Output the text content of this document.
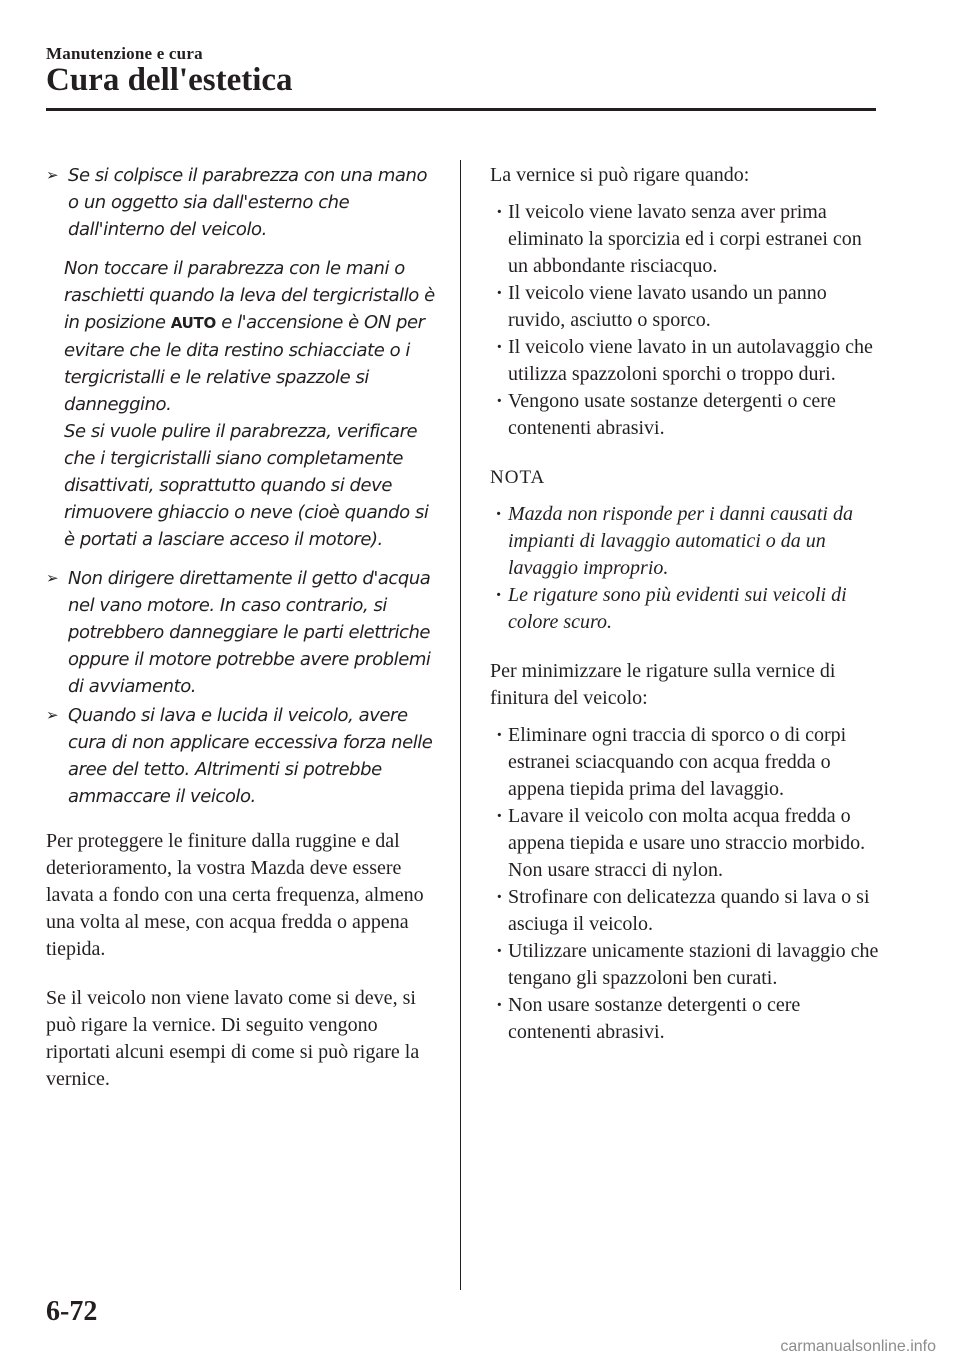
Manutenzione e cura
Cura dell'estetica
➢ Se si colpisce il parabrezza con una mano o un oggetto sia dall'esterno che dall'interno del veicolo.

Non toccare il parabrezza con le mani o raschietti quando la leva del tergicristallo è in posizione AUTO e l'accensione è ON per evitare che le dita restino schiacciate o i tergicristalli e le relative spazzole si danneggino.

Se si vuole pulire il parabrezza, verificare che i tergicristalli siano completamente disattivati, soprattutto quando si deve rimuovere ghiaccio o neve (cioè quando si è portati a lasciare acceso il motore).

➢ Non dirigere direttamente il getto d'acqua nel vano motore. In caso contrario, si potrebbero danneggiare le parti elettriche oppure il motore potrebbe avere problemi di avviamento.
➢ Quando si lava e lucida il veicolo, avere cura di non applicare eccessiva forza nelle aree del tetto. Altrimenti si potrebbe ammaccare il veicolo.

Per proteggere le finiture dalla ruggine e dal deterioramento, la vostra Mazda deve essere lavata a fondo con una certa frequenza, almeno una volta al mese, con acqua fredda o appena tiepida.

Se il veicolo non viene lavato come si deve, si può rigare la vernice. Di seguito vengono riportati alcuni esempi di come si può rigare la vernice.

La vernice si può rigare quando:

· Il veicolo viene lavato senza aver prima eliminato la sporcizia ed i corpi estranei con un abbondante risciacquo.
· Il veicolo viene lavato usando un panno ruvido, asciutto o sporco.
· Il veicolo viene lavato in un autolavaggio che utilizza spazzoloni sporchi o troppo duri.
· Vengono usate sostanze detergenti o cere contenenti abrasivi.
NOTA
· Mazda non risponde per i danni causati da impianti di lavaggio automatici o da un lavaggio improprio.
· Le rigature sono più evidenti sui veicoli di colore scuro.

Per minimizzare le rigature sulla vernice di finitura del veicolo:

· Eliminare ogni traccia di sporco o di corpi estranei sciacquando con acqua fredda o appena tiepida prima del lavaggio.
· Lavare il veicolo con molta acqua fredda o appena tiepida e usare uno straccio morbido. Non usare stracci di nylon.
· Strofinare con delicatezza quando si lava o si asciuga il veicolo.
· Utilizzare unicamente stazioni di lavaggio che tengano gli spazzoloni ben curati.
· Non usare sostanze detergenti o cere contenenti abrasivi.
6-72
carmanualsonline.info
